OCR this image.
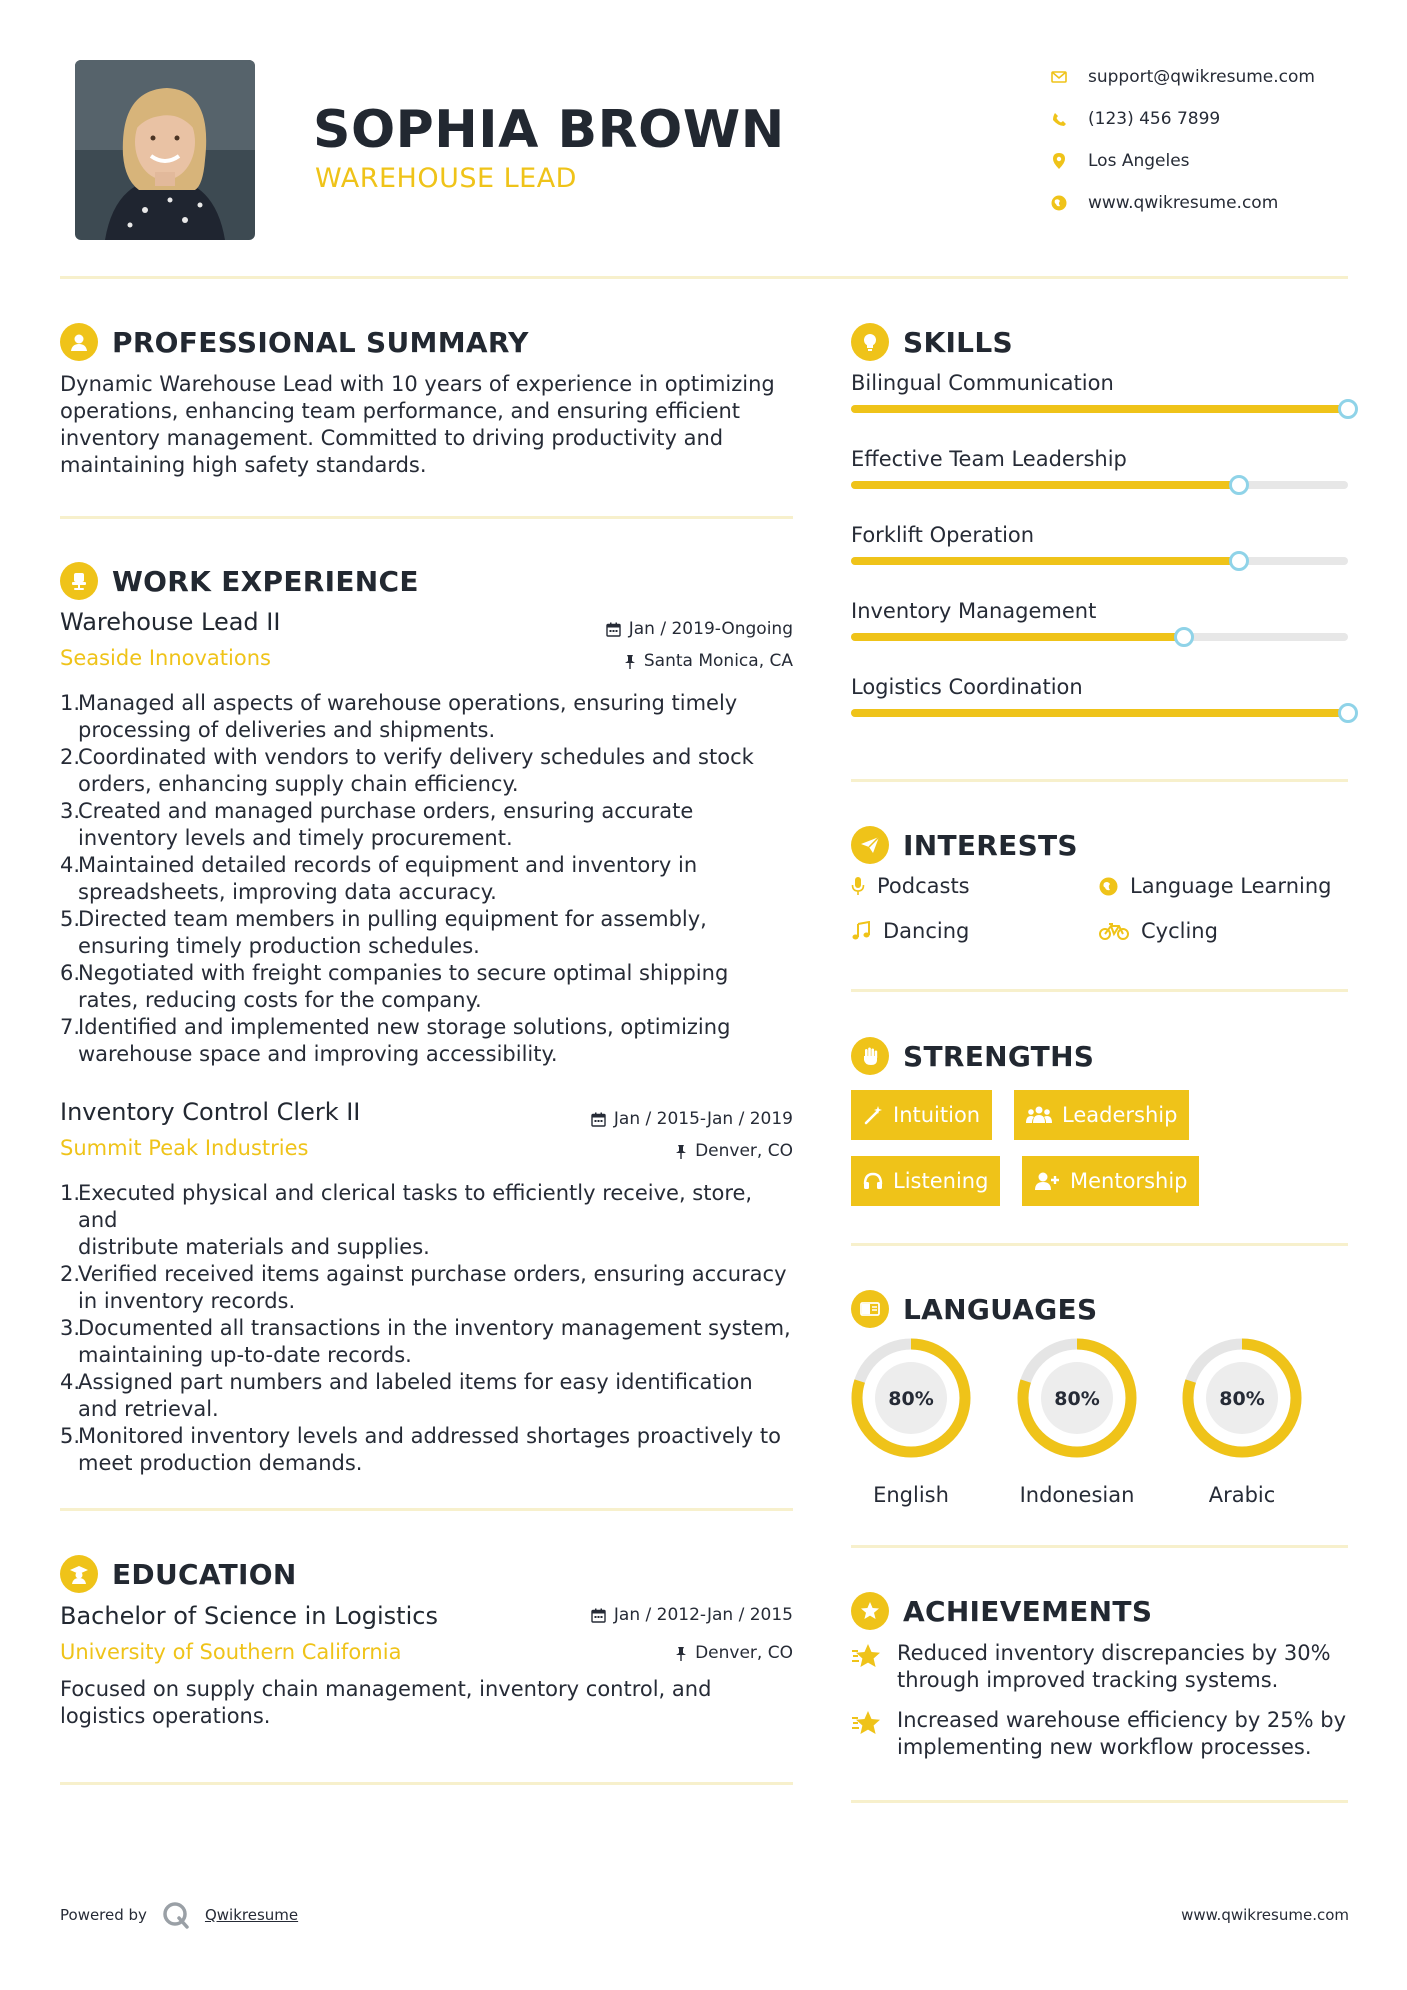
SOPHIA BROWN
WAREHOUSE LEAD
support@qwikresume.com
(123) 456 7899
Los Angeles
www.qwikresume.com
PROFESSIONAL SUMMARY
Dynamic Warehouse Lead with 10 years of experience in optimizing
operations, enhancing team performance, and ensuring efficient
inventory management. Committed to driving productivity and
maintaining high safety standards.
WORK EXPERIENCE
Warehouse Lead II
Seaside Innovations
Jan / 2019-Ongoing
Santa Monica, CA
1.Managed all aspects of warehouse operations, ensuring timely
processing of deliveries and shipments.
2.Coordinated with vendors to verify delivery schedules and stock
orders, enhancing supply chain efficiency.
3.Created and managed purchase orders, ensuring accurate
inventory levels and timely procurement.
4.Maintained detailed records of equipment and inventory in
spreadsheets, improving data accuracy.
5.Directed team members in pulling equipment for assembly,
ensuring timely production schedules.
6.Negotiated with freight companies to secure optimal shipping
rates, reducing costs for the company.
7.Identified and implemented new storage solutions, optimizing
warehouse space and improving accessibility.
Inventory Control Clerk II
Summit Peak Industries
Jan / 2015-Jan / 2019
Denver, CO
1.Executed physical and clerical tasks to efficiently receive, store, and
distribute materials and supplies.
2.Verified received items against purchase orders, ensuring accuracy
in inventory records.
3.Documented all transactions in the inventory management system,
maintaining up-to-date records.
4.Assigned part numbers and labeled items for easy identification
and retrieval.
5.Monitored inventory levels and addressed shortages proactively to
meet production demands.
EDUCATION
Bachelor of Science in Logistics
University of Southern California
Jan / 2012-Jan / 2015
Denver, CO
Focused on supply chain management, inventory control, and
logistics operations.
SKILLS
Bilingual Communication
Effective Team Leadership
Forklift Operation
Inventory Management
Logistics Coordination
INTERESTS
Podcasts	Language Learning
Dancing	Cycling
STRENGTHS
Intuition	Leadership
Listening	Mentorship
LANGUAGES
80%
English
80%
Indonesian
80%
Arabic
ACHIEVEMENTS
Reduced inventory discrepancies by 30%
through improved tracking systems.
Increased warehouse efficiency by 25% by
implementing new workflow processes.
Powered by	Qwikresume	www.qwikresume.com
